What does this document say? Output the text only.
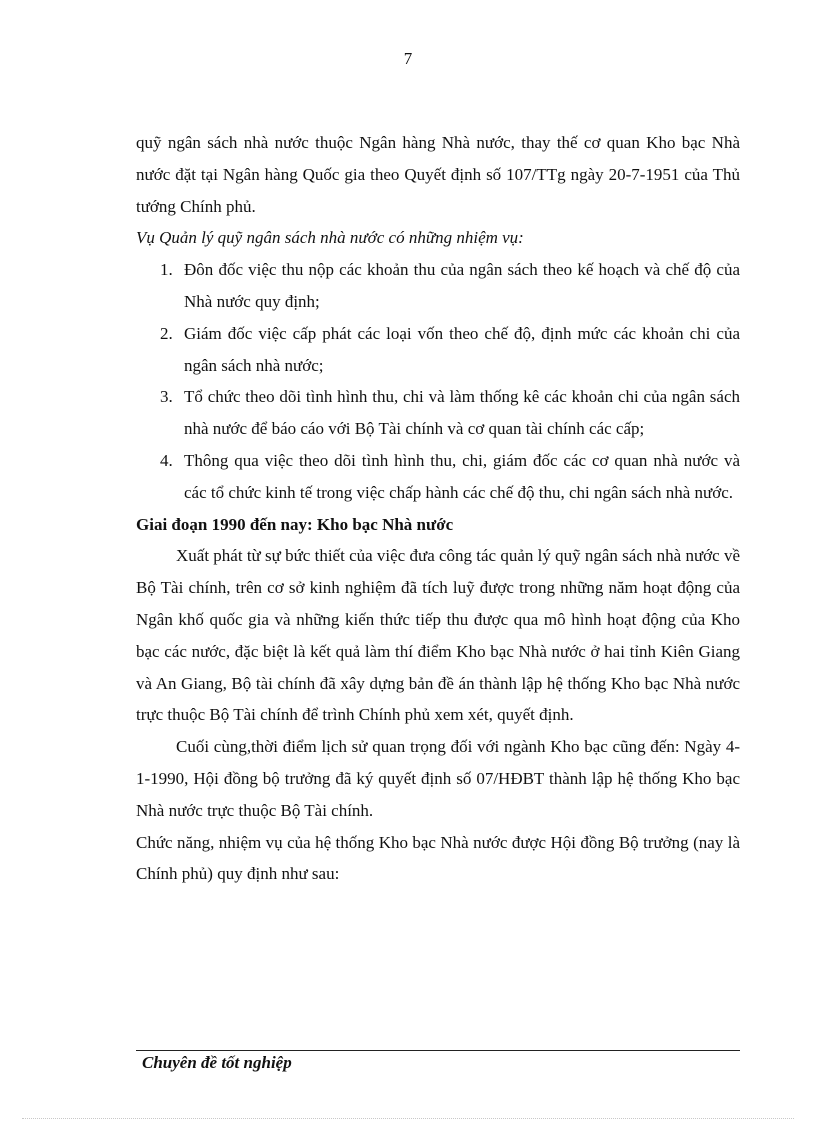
7

quỹ ngân sách nhà nước thuộc Ngân hàng Nhà nước, thay thế cơ quan Kho bạc Nhà nước đặt tại Ngân hàng Quốc gia theo Quyết định số 107/TTg ngày 20-7-1951 của Thủ tướng Chính phủ.

Vụ Quản lý quỹ ngân sách nhà nước có những nhiệm vụ:

1. Đôn đốc việc thu nộp các khoản thu của ngân sách theo kế hoạch và chế độ của Nhà nước quy định;
2. Giám đốc việc cấp phát các loại vốn theo chế độ, định mức các khoản chi của ngân sách nhà nước;
3. Tổ chức theo dõi tình hình thu, chi và làm thống kê các khoản chi của ngân sách nhà nước để báo cáo với Bộ Tài chính và cơ quan tài chính các cấp;
4. Thông qua việc theo dõi tình hình thu, chi, giám đốc các cơ quan nhà nước và các tổ chức kinh tế trong việc chấp hành các chế độ thu, chi ngân sách nhà nước.

Giai đoạn 1990 đến nay: Kho bạc Nhà nước

Xuất phát từ sự bức thiết của việc đưa công tác quản lý quỹ ngân sách nhà nước về Bộ Tài chính, trên cơ sở kinh nghiệm đã tích luỹ được trong những năm hoạt động của Ngân khố quốc gia và những kiến thức tiếp thu được qua mô hình hoạt động của Kho bạc các nước, đặc biệt là kết quả làm thí điểm Kho bạc Nhà nước ở hai tỉnh Kiên Giang và An Giang, Bộ tài chính đã xây dựng bản đề án thành lập hệ thống Kho bạc Nhà nước trực thuộc Bộ Tài chính để trình Chính phủ xem xét, quyết định.

Cuối cùng,thời điểm lịch sử quan trọng đối với ngành Kho bạc cũng đến: Ngày 4-1-1990, Hội đồng bộ trưởng đã ký quyết định số 07/HĐBT thành lập hệ thống Kho bạc Nhà nước trực thuộc Bộ Tài chính.

Chức năng, nhiệm vụ của hệ thống Kho bạc Nhà nước được Hội đồng Bộ trưởng (nay là Chính phủ) quy định như sau:

Chuyên đề tốt nghiệp
